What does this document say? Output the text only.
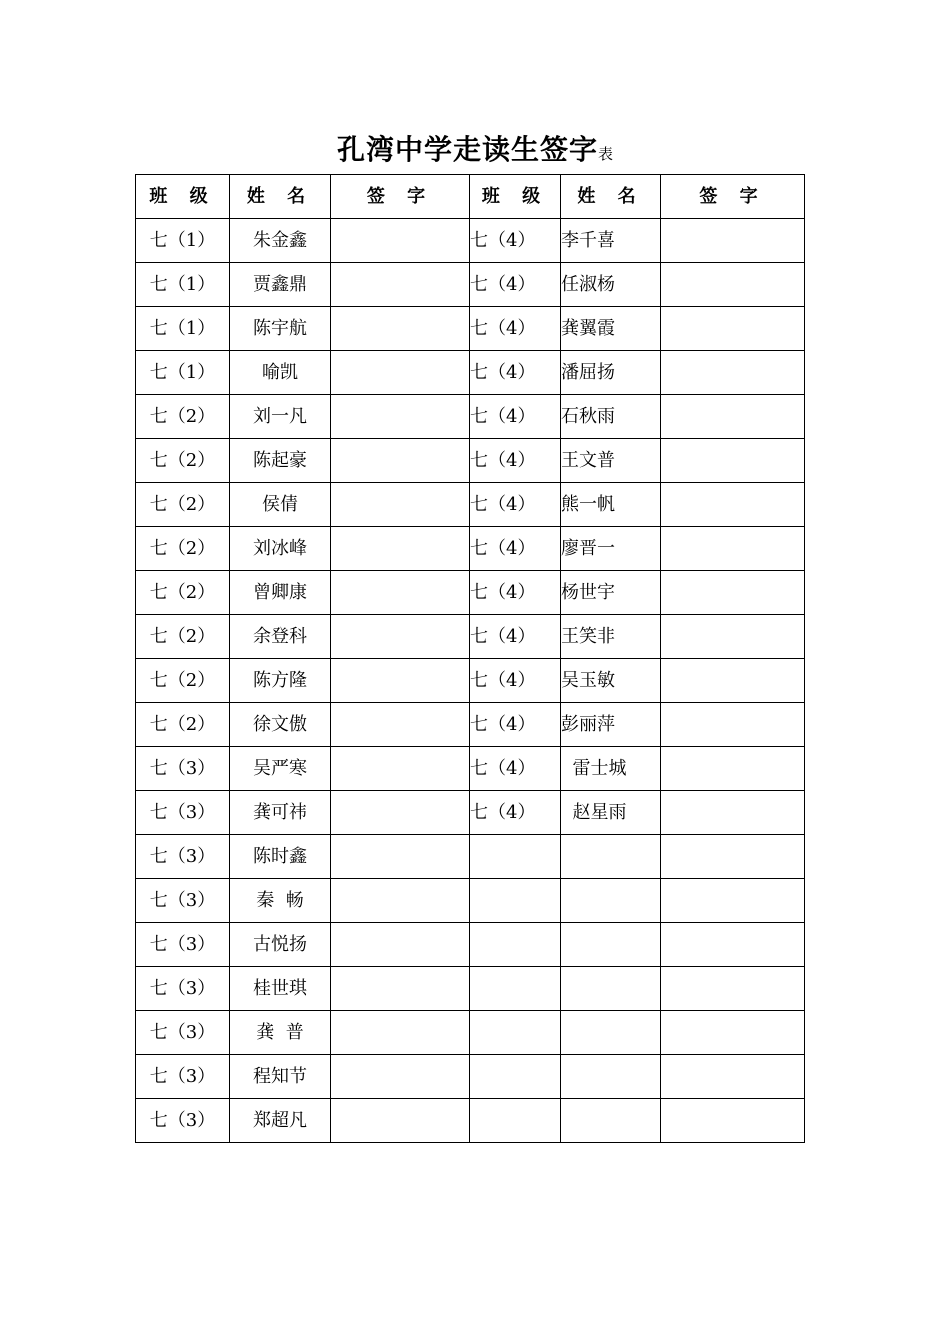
孔湾中学走读生签字表
班 级	姓 名	签 字	班 级	姓 名	签 字
七（1）	朱金鑫		七（4）	李千喜	
七（1）	贾鑫鼎		七（4）	任淑杨	
七（1）	陈宇航		七（4）	龚翼霞	
七（1）	喻凯		七（4）	潘屈扬	
七（2）	刘一凡		七（4）	石秋雨	
七（2）	陈起豪		七（4）	王文普	
七（2）	侯倩		七（4）	熊一帆	
七（2）	刘冰峰		七（4）	廖晋一	
七（2）	曾卿康		七（4）	杨世宇	
七（2）	余登科		七（4）	王笑非	
七（2）	陈方隆		七（4）	吴玉敏	
七（2）	徐文傲		七（4）	彭丽萍	
七（3）	吴严寒		七（4）	雷士城	
七（3）	龚可祎		七（4）	赵星雨	
七（3）	陈时鑫				
七（3）	秦  畅				
七（3）	古悦扬				
七（3）	桂世琪				
七（3）	龚  普				
七（3）	程知节				
七（3）	郑超凡				
